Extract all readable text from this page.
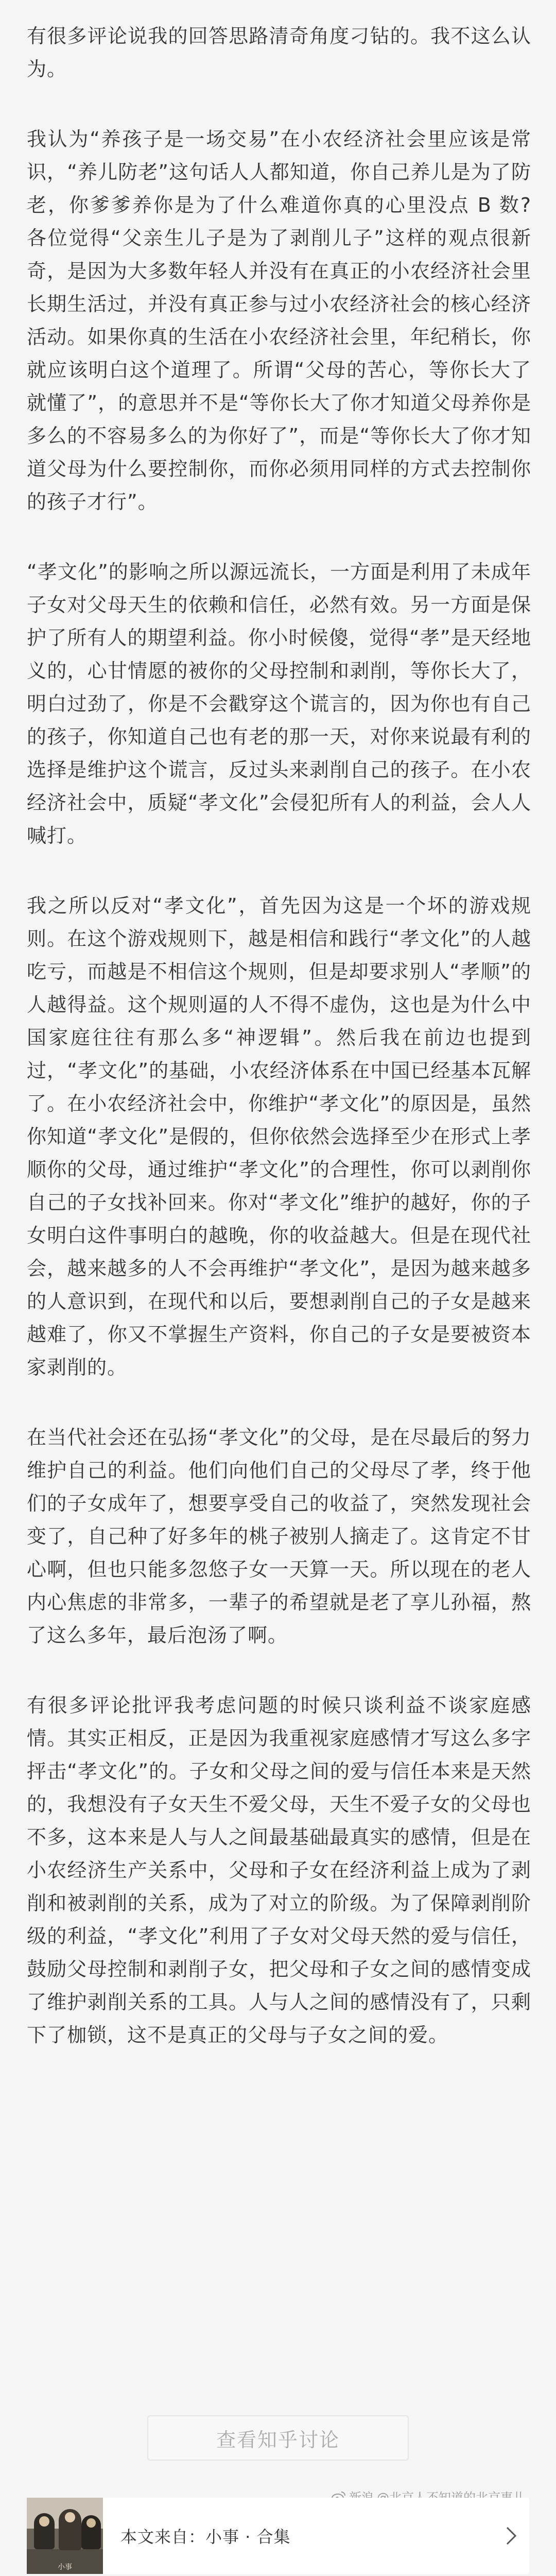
有很多评论说我的回答思路清奇角度刁钻的。我不这么认为。

我认为“养孩子是一场交易”在小农经济社会里应该是常识，“养儿防老”这句话人人都知道，你自己养儿是为了防老，你爹爹养你是为了什么难道你真的心里没点 B 数? 各位觉得“父亲生儿子是为了剥削儿子”这样的观点很新奇，是因为大多数年轻人并没有在真正的小农经济社会里长期生活过，并没有真正参与过小农经济社会的核心经济活动。如果你真的生活在小农经济社会里，年纪稍长，你就应该明白这个道理了。所谓“父母的苦心，等你长大了就懂了”，的意思并不是“等你长大了你才知道父母养你是多么的不容易多么的为你好了”，而是“等你长大了你才知道父母为什么要控制你，而你必须用同样的方式去控制你的孩子才行”。

“孝文化”的影响之所以源远流长，一方面是利用了未成年子女对父母天生的依赖和信任，必然有效。另一方面是保护了所有人的期望利益。你小时候傻，觉得“孝”是天经地义的，心甘情愿的被你的父母控制和剥削，等你长大了，明白过劲了，你是不会戳穿这个谎言的，因为你也有自己的孩子，你知道自己也有老的那一天，对你来说最有利的选择是维护这个谎言，反过头来剥削自己的孩子。在小农经济社会中，质疑“孝文化”会侵犯所有人的利益，会人人喊打。

我之所以反对“孝文化”，首先因为这是一个坏的游戏规则。在这个游戏规则下，越是相信和践行“孝文化”的人越吃亏，而越是不相信这个规则，但是却要求别人“孝顺”的人越得益。这个规则逼的人不得不虚伪，这也是为什么中国家庭往往有那么多“神逻辑”。然后我在前边也提到过，“孝文化”的基础，小农经济体系在中国已经基本瓦解了。在小农经济社会中，你维护“孝文化”的原因是，虽然你知道“孝文化”是假的，但你依然会选择至少在形式上孝顺你的父母，通过维护“孝文化”的合理性，你可以剥削你自己的子女找补回来。你对“孝文化”维护的越好，你的子女明白这件事明白的越晚，你的收益越大。但是在现代社会，越来越多的人不会再维护“孝文化”，是因为越来越多的人意识到，在现代和以后，要想剥削自己的子女是越来越难了，你又不掌握生产资料，你自己的子女是要被资本家剥削的。

在当代社会还在弘扬“孝文化”的父母，是在尽最后的努力维护自己的利益。他们向他们自己的父母尽了孝，终于他们的子女成年了，想要享受自己的收益了，突然发现社会变了，自己种了好多年的桃子被别人摘走了。这肯定不甘心啊，但也只能多忽悠子女一天算一天。所以现在的老人内心焦虑的非常多，一辈子的希望就是老了享儿孙福，熬了这么多年，最后泡汤了啊。

有很多评论批评我考虑问题的时候只谈利益不谈家庭感情。其实正相反，正是因为我重视家庭感情才写这么多字抨击“孝文化”的。子女和父母之间的爱与信任本来是天然的，我想没有子女天生不爱父母，天生不爱子女的父母也不多，这本来是人与人之间最基础最真实的感情，但是在小农经济生产关系中，父母和子女在经济利益上成为了剥削和被剥削的关系，成为了对立的阶级。为了保障剥削阶级的利益，“孝文化”利用了子女对父母天然的爱与信任，鼓励父母控制和剥削子女，把父母和子女之间的感情变成了维护剥削关系的工具。人与人之间的感情没有了，只剩下了枷锁，这不是真正的父母与子女之间的爱。

查看知乎讨论
小事
本文来自：小事 · 合集
